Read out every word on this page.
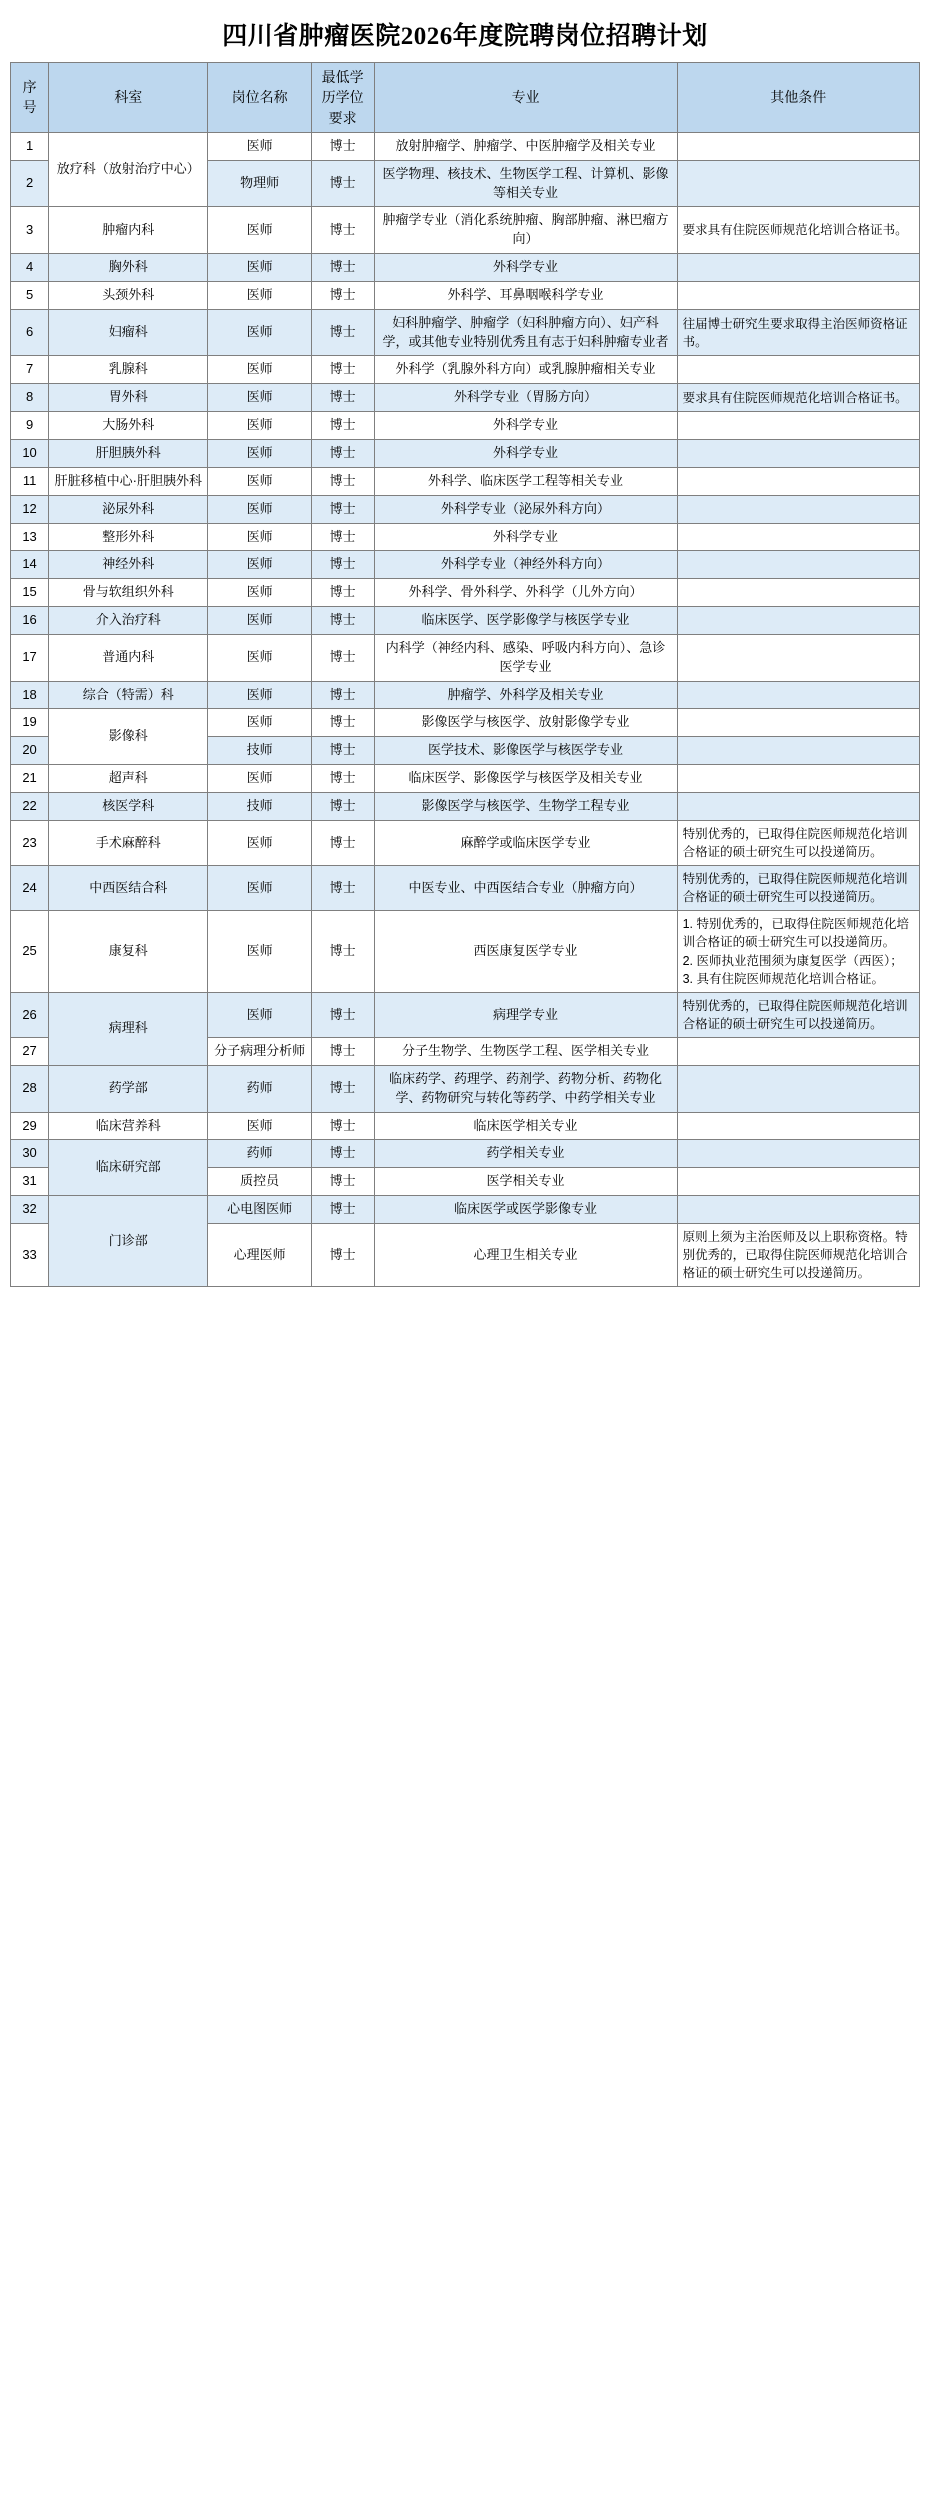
四川省肿瘤医院2026年度院聘岗位招聘计划
序号	科室	岗位名称	最低学历学位要求	专业	其他条件
1	放疗科（放射治疗中心）	医师	博士	放射肿瘤学、肿瘤学、中医肿瘤学及相关专业	
2		物理师	博士	医学物理、核技术、生物医学工程、计算机、影像等相关专业	
3	肿瘤内科	医师	博士	肿瘤学专业（消化系统肿瘤、胸部肿瘤、淋巴瘤方向）	要求具有住院医师规范化培训合格证书。
4	胸外科	医师	博士	外科学专业	
5	头颈外科	医师	博士	外科学、耳鼻咽喉科学专业	
6	妇瘤科	医师	博士	妇科肿瘤学、肿瘤学（妇科肿瘤方向）、妇产科学，或其他专业特别优秀且有志于妇科肿瘤专业者	往届博士研究生要求取得主治医师资格证书。
7	乳腺科	医师	博士	外科学（乳腺外科方向）或乳腺肿瘤相关专业	
8	胃外科	医师	博士	外科学专业（胃肠方向）	要求具有住院医师规范化培训合格证书。
9	大肠外科	医师	博士	外科学专业	
10	肝胆胰外科	医师	博士	外科学专业	
11	肝脏移植中心·肝胆胰外科	医师	博士	外科学、临床医学工程等相关专业	
12	泌尿外科	医师	博士	外科学专业（泌尿外科方向）	
13	整形外科	医师	博士	外科学专业	
14	神经外科	医师	博士	外科学专业（神经外科方向）	
15	骨与软组织外科	医师	博士	外科学、骨外科学、外科学（儿外方向）	
16	介入治疗科	医师	博士	临床医学、医学影像学与核医学专业	
17	普通内科	医师	博士	内科学（神经内科、感染、呼吸内科方向）、急诊医学专业	
18	综合（特需）科	医师	博士	肿瘤学、外科学及相关专业	
19	影像科	医师	博士	影像医学与核医学、放射影像学专业	
20		技师	博士	医学技术、影像医学与核医学专业	
21	超声科	医师	博士	临床医学、影像医学与核医学及相关专业	
22	核医学科	技师	博士	影像医学与核医学、生物学工程专业	
23	手术麻醉科	医师	博士	麻醉学或临床医学专业	特别优秀的，已取得住院医师规范化培训合格证的硕士研究生可以投递简历。
24	中西医结合科	医师	博士	中医专业、中西医结合专业（肿瘤方向）	特别优秀的，已取得住院医师规范化培训合格证的硕士研究生可以投递简历。
25	康复科	医师	博士	西医康复医学专业	1. 特别优秀的，已取得住院医师规范化培训合格证的硕士研究生可以投递简历。
2. 医师执业范围须为康复医学（西医）；
3. 具有住院医师规范化培训合格证。
26	病理科	医师	博士	病理学专业	特别优秀的，已取得住院医师规范化培训合格证的硕士研究生可以投递简历。
27		分子病理分析师	博士	分子生物学、生物医学工程、医学相关专业	
28	药学部	药师	博士	临床药学、药理学、药剂学、药物分析、药物化学、药物研究与转化等药学、中药学相关专业	
29	临床营养科	医师	博士	临床医学相关专业	
30	临床研究部	药师	博士	药学相关专业	
31		质控员	博士	医学相关专业	
32	门诊部	心电图医师	博士	临床医学或医学影像专业	
33		心理医师	博士	心理卫生相关专业	原则上须为主治医师及以上职称资格。特别优秀的，已取得住院医师规范化培训合格证的硕士研究生可以投递简历。
